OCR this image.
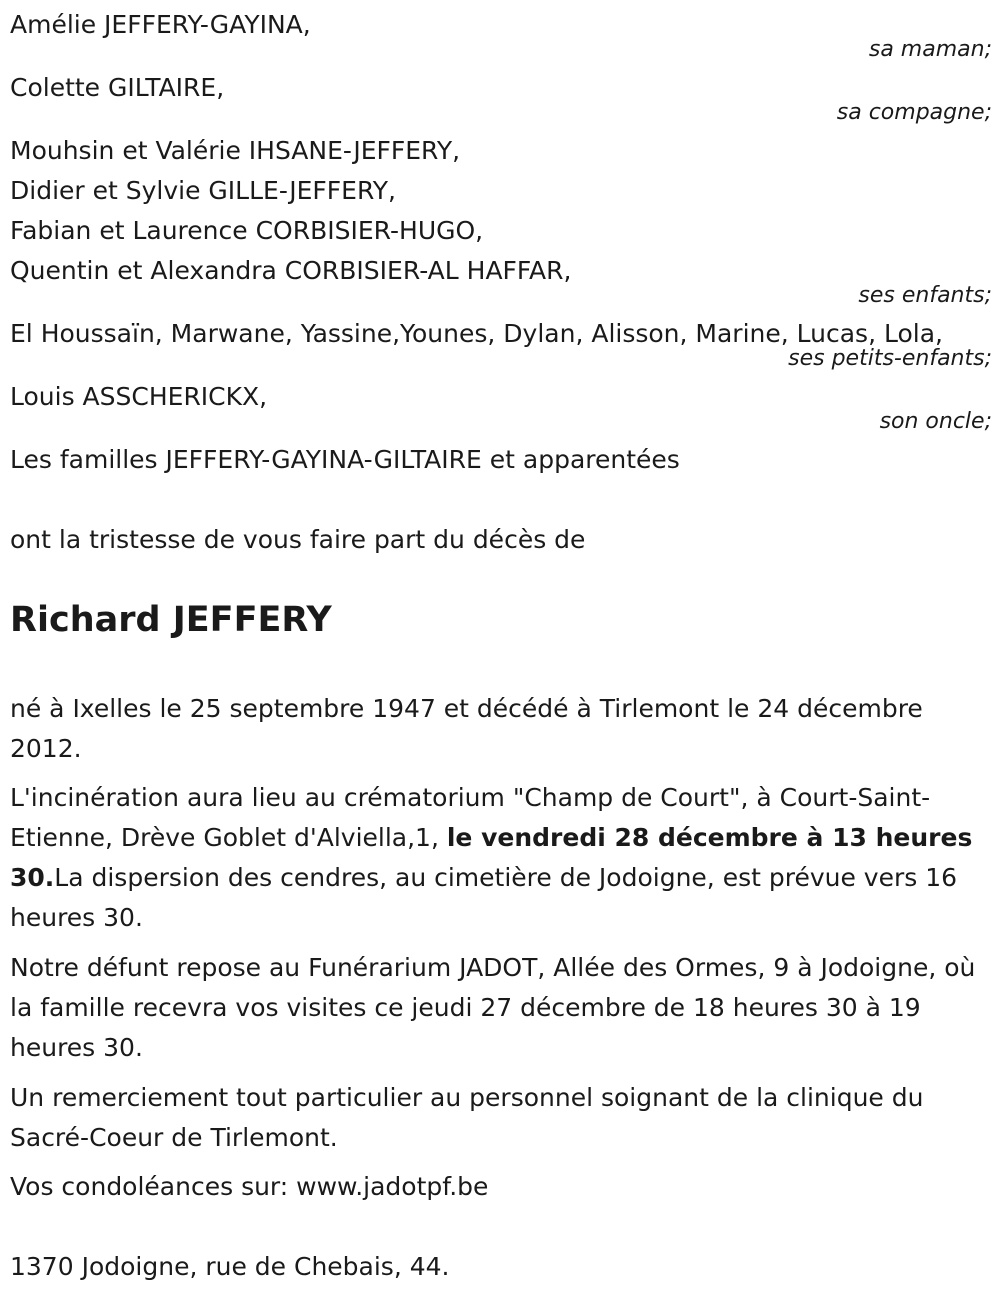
Amélie JEFFERY-GAYINA,
sa maman;
Colette GILTAIRE,
sa compagne;
Mouhsin et Valérie IHSANE-JEFFERY,
Didier et Sylvie GILLE-JEFFERY,
Fabian et Laurence CORBISIER-HUGO,
Quentin et Alexandra CORBISIER-AL HAFFAR,
ses enfants;
El Houssaïn, Marwane, Yassine,Younes, Dylan, Alisson, Marine, Lucas, Lola,
ses petits-enfants;
Louis ASSCHERICKX,
son oncle;
Les familles JEFFERY-GAYINA-GILTAIRE et apparentées
ont la tristesse de vous faire part du décès de
Richard JEFFERY
né à Ixelles le 25 septembre 1947 et décédé à Tirlemont le 24 décembre 2012.
L'incinération aura lieu au crématorium "Champ de Court", à Court-Saint-Etienne, Drève Goblet d'Alviella,1, le vendredi 28 décembre à 13 heures 30.La dispersion des cendres, au cimetière de Jodoigne, est prévue vers 16 heures 30.
Notre défunt repose au Funérarium JADOT, Allée des Ormes, 9 à Jodoigne, où la famille recevra vos visites ce jeudi 27 décembre de 18 heures 30 à 19 heures 30.
Un remerciement tout particulier au personnel soignant de la clinique du Sacré-Coeur de Tirlemont.
Vos condoléances sur: www.jadotpf.be
1370 Jodoigne, rue de Chebais, 44.
